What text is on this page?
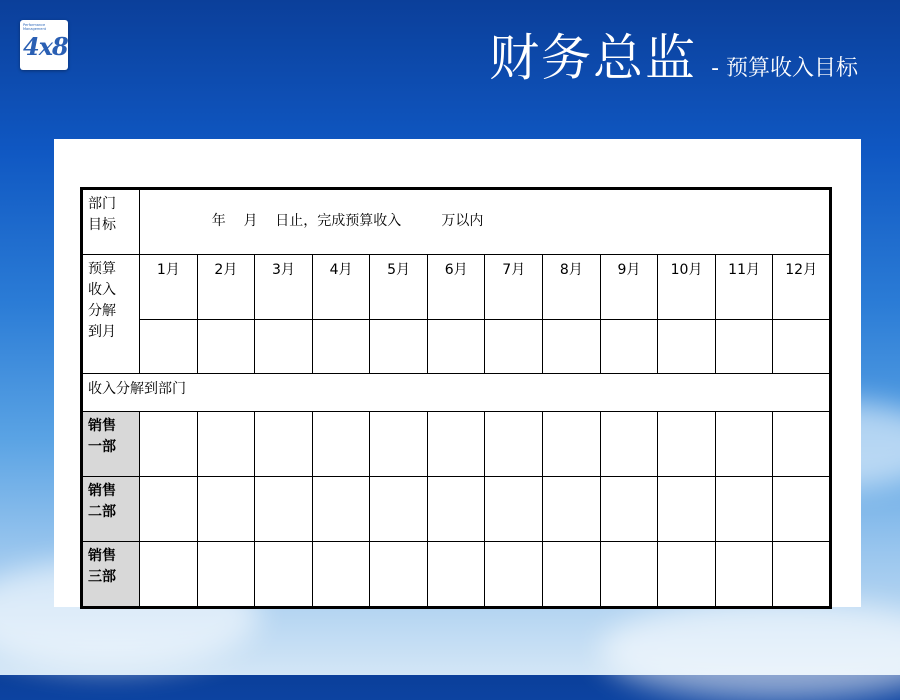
Performance Management
4x8	财务总监 - 预算收入目标
部门
目标	年    月    日止，完成预算收入         万以内											

预算
收入
分解
到月	1月	2月	3月	4月	5月	6月	7月	8月	9月	10月	11月	12月

收入分解到部门												
销售
一部												
销售
二部												
销售
三部												
